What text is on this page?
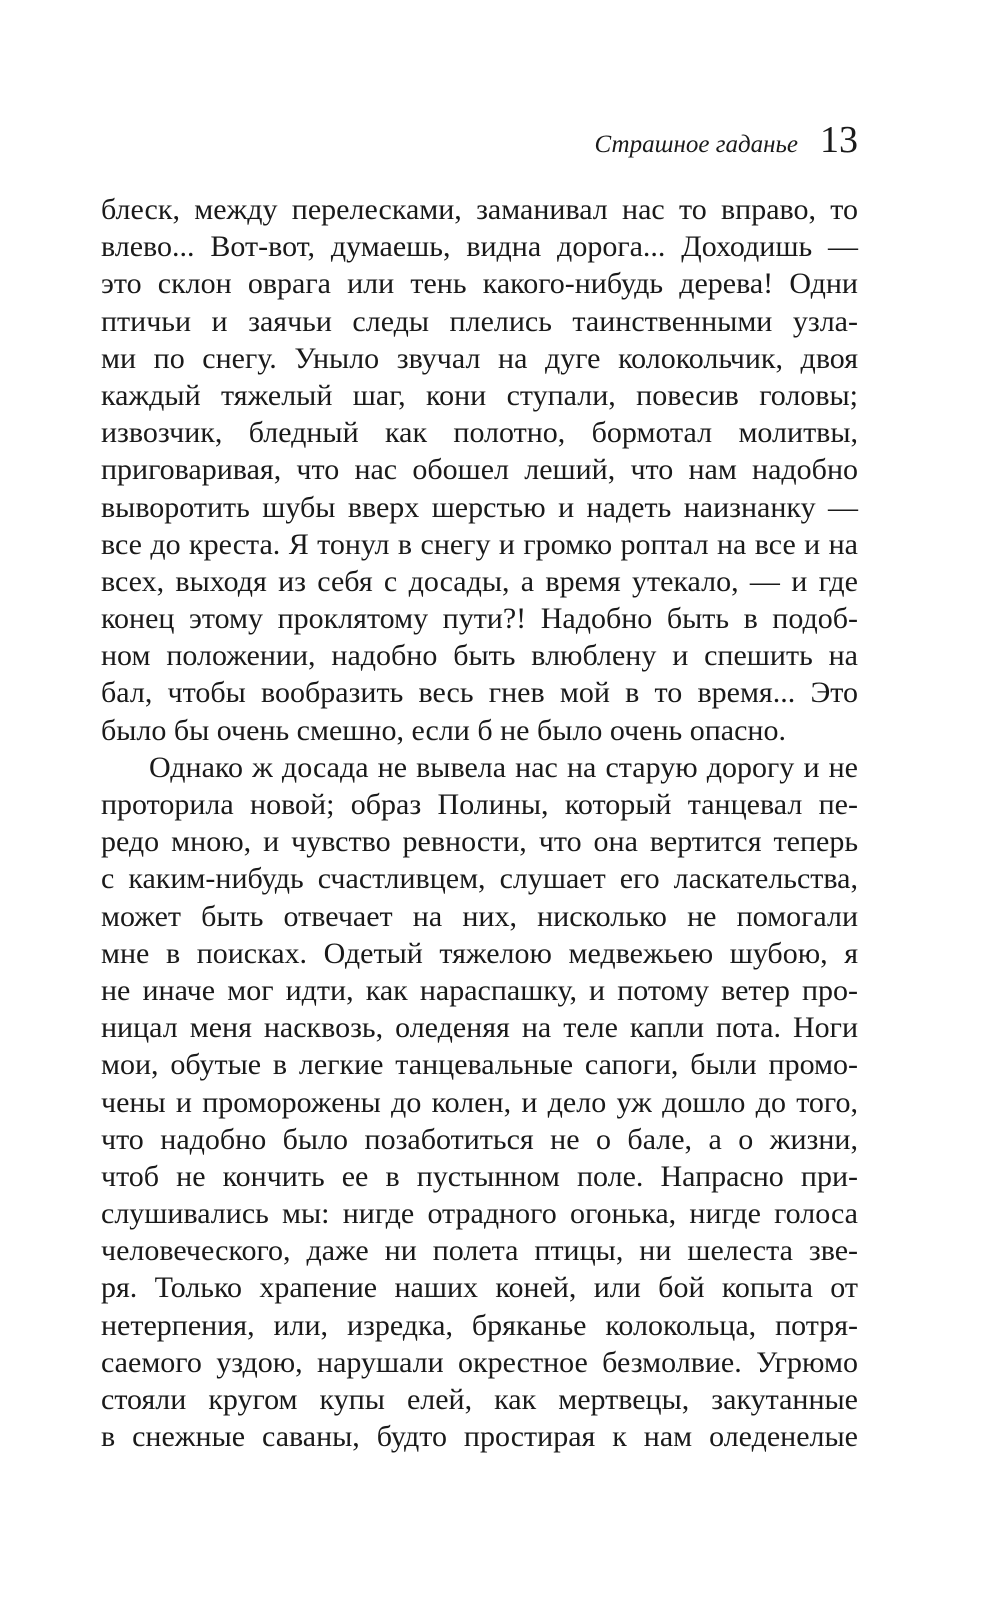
Страшное гаданье 13
блеск, между перелесками, заманивал нас то вправо, то
влево... Вот-вот, думаешь, видна дорога... Доходишь —
это склон оврага или тень какого-нибудь дерева! Одни
птичьи и заячьи следы плелись таинственными узла-
ми по снегу. Уныло звучал на дуге колокольчик, двоя
каждый тяжелый шаг, кони ступали, повесив головы;
извозчик, бледный как полотно, бормотал молитвы,
приговаривая, что нас обошел леший, что нам надобно
выворотить шубы вверх шерстью и надеть наизнанку —
все до креста. Я тонул в снегу и громко роптал на все и на
всех, выходя из себя с досады, а время утекало, — и где
конец этому проклятому пути?! Надобно быть в подоб-
ном положении, надобно быть влюблену и спешить на
бал, чтобы вообразить весь гнев мой в то время... Это
было бы очень смешно, если б не было очень опасно.
Однако ж досада не вывела нас на старую дорогу и не
проторила новой; образ Полины, который танцевал пе-
редо мною, и чувство ревности, что она вертится теперь
с каким-нибудь счастливцем, слушает его ласкательства,
может быть отвечает на них, нисколько не помогали
мне в поисках. Одетый тяжелою медвежьею шубою, я
не иначе мог идти, как нараспашку, и потому ветер про-
ницал меня насквозь, оледеняя на теле капли пота. Ноги
мои, обутые в легкие танцевальные сапоги, были промо-
чены и проморожены до колен, и дело уж дошло до того,
что надобно было позаботиться не о бале, а о жизни,
чтоб не кончить ее в пустынном поле. Напрасно при-
слушивались мы: нигде отрадного огонька, нигде голоса
человеческого, даже ни полета птицы, ни шелеста зве-
ря. Только храпение наших коней, или бой копыта от
нетерпения, или, изредка, бряканье колокольца, потря-
саемого уздою, нарушали окрестное безмолвие. Угрюмо
стояли кругом купы елей, как мертвецы, закутанные
в снежные саваны, будто простирая к нам оледенелые
